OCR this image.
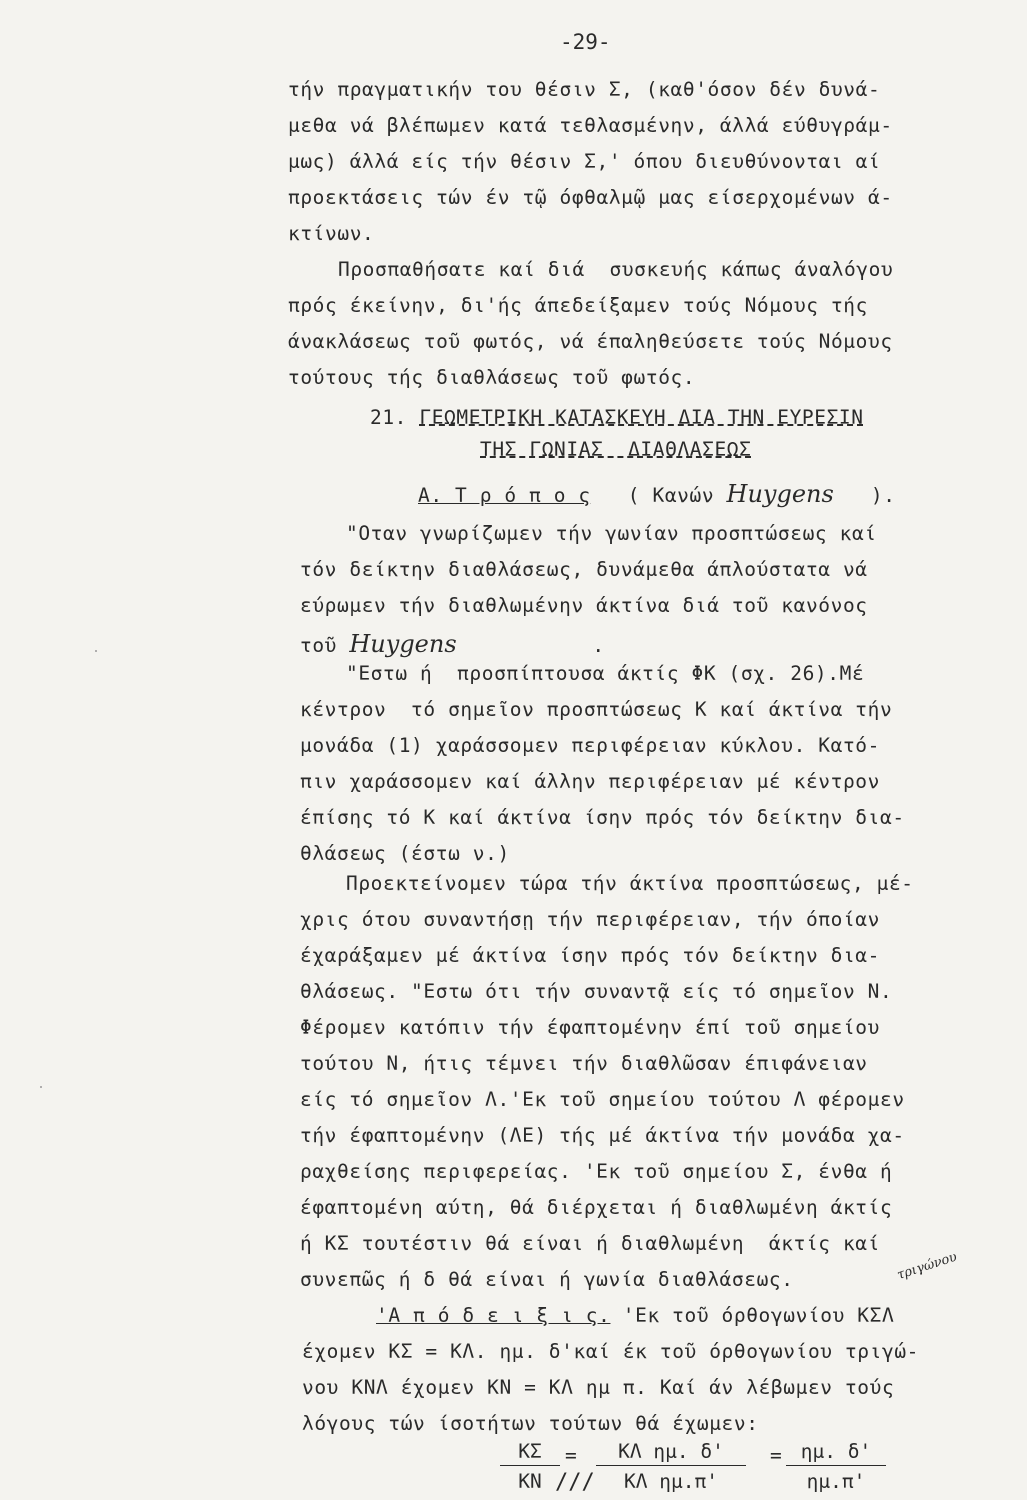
-29-
τήν πραγματικήν του θέσιν Σ, (καθ'όσον δέν δυνά-
μεθα νά βλέπωμεν κατά τεθλασμένην, άλλά εύθυγράμ-
μως) άλλά είς τήν θέσιν Σ,' όπου διευθύνονται αί
προεκτάσεις τών έν τῷ όφθαλμῷ μας είσερχομένων ά-
κτίνων.
Προσπαθήσατε καί διά  συσκευής κάπως άναλόγου
πρός έκείνην, δι'ής άπεδείξαμεν τούς Νόμους τής
άνακλάσεως τοῦ φωτός, νά έπαληθεύσετε τούς Νόμους
τούτους τής διαθλάσεως τοῦ φωτός.
21. ΓΕΩΜΕΤΡΙΚΗ ΚΑΤΑΣΚΕΥΗ ΔΙΑ ΤΗΝ ΕΥΡΕΣΙΝ
ΤΗΣ ΓΩΝΙΑΣ  ΔΙΑΘΛΑΣΕΩΣ
Α. Τ ρ ό π ο ς ( Κανών Huygens ).
"Οταν γνωρίζωμεν τήν γωνίαν προσπτώσεως καί
τόν δείκτην διαθλάσεως, δυνάμεθα άπλούστατα νά
εύρωμεν τήν διαθλωμένην άκτίνα διά τοῦ κανόνος
τοῦ Huygens	.
"Εστω ή  προσπίπτουσα άκτίς ΦΚ (σχ. 26).Μέ
κέντρον  τό σημεῖον προσπτώσεως Κ καί άκτίνα τήν
μονάδα (1) χαράσσομεν περιφέρειαν κύκλου. Κατό-
πιν χαράσσομεν καί άλλην περιφέρειαν μέ κέντρον
έπίσης τό Κ καί άκτίνα ίσην πρός τόν δείκτην δια-
θλάσεως (έστω ν.)
Προεκτείνομεν τώρα τήν άκτίνα προσπτώσεως, μέ-
χρις ότου συναντήσῃ τήν περιφέρειαν, τήν όποίαν
έχαράξαμεν μέ άκτίνα ίσην πρός τόν δείκτην δια-
θλάσεως. "Εστω ότι τήν συναντᾷ είς τό σημεῖον Ν.
Φέρομεν κατόπιν τήν έφαπτομένην έπί τοῦ σημείου
τούτου Ν, ήτις τέμνει τήν διαθλῶσαν έπιφάνειαν
είς τό σημεῖον Λ.'Εκ τοῦ σημείου τούτου Λ φέρομεν
τήν έφαπτομένην (ΛΕ) τής μέ άκτίνα τήν μονάδα χα-
ραχθείσης περιφερείας. 'Εκ τοῦ σημείου Σ, ένθα ή
έφαπτομένη αύτη, θά διέρχεται ή διαθλωμένη άκτίς
ή ΚΣ τουτέστιν θά είναι ή διαθλωμένη  άκτίς καί
συνεπῶς ή δ θά είναι ή γωνία διαθλάσεως.	τριγώνου
'Α π ό δ ε ι ξ ι ς. 'Εκ τοῦ όρθογωνίου ΚΣΛ
έχομεν ΚΣ = ΚΛ. ημ. δ'καί έκ τοῦ όρθογωνίου τριγώ-
νου ΚΝΛ έχομεν ΚΝ = ΚΛ ημ π. Καί άν λέβωμεν τούς
λόγους τών ίσοτήτων τούτων θά έχωμεν:
$\frac{K\Sigma}{KN} = \frac{\text{ΚΛ ημ. δ'}}{\text{ΚΛ ημ.π'}} = \frac{\eta\mu. \delta'}{\eta\mu.\pi'}$
///
